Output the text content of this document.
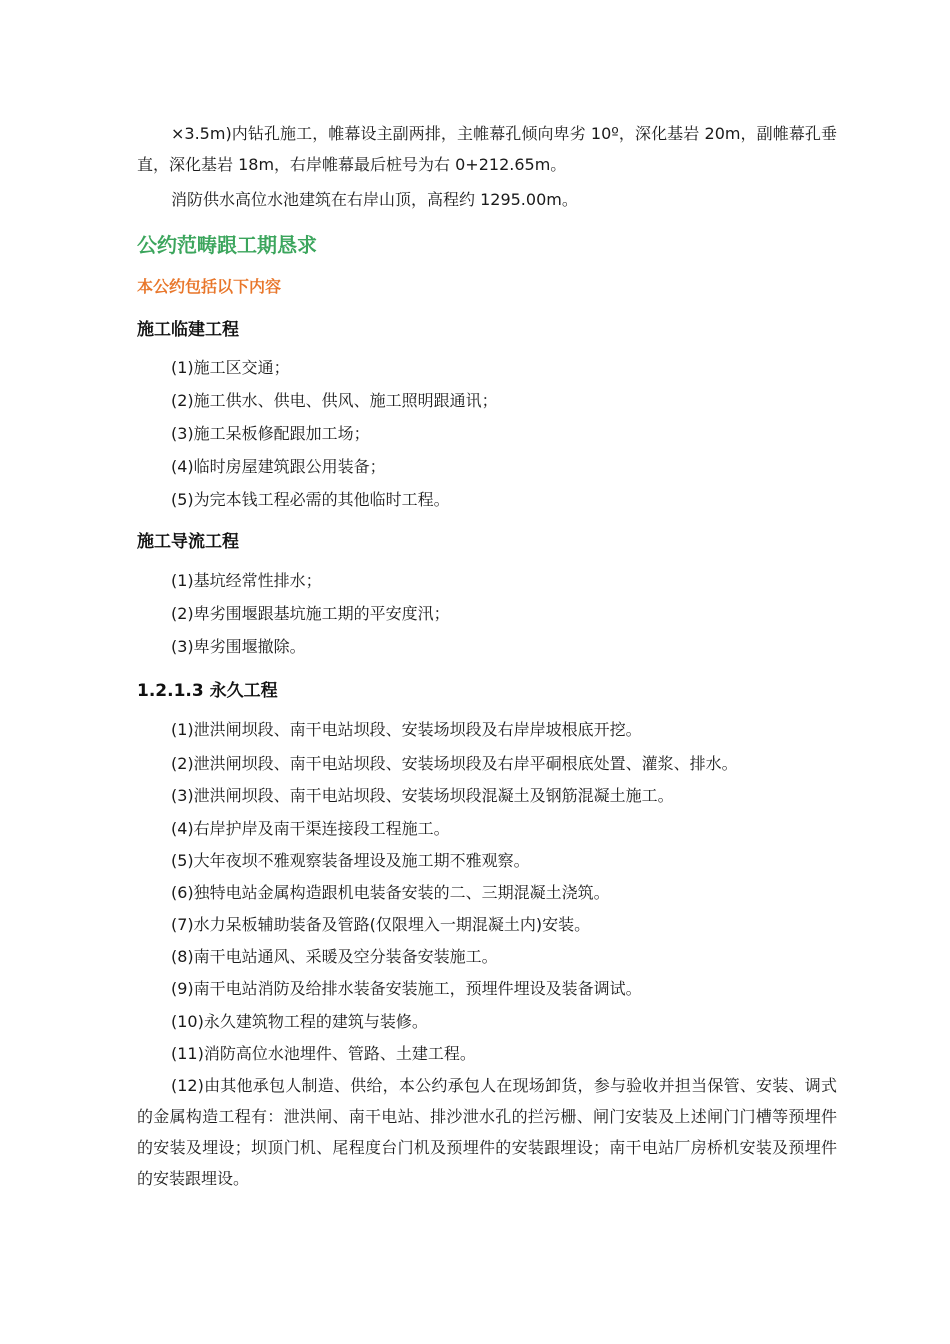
×3.5m)内钻孔施工，帷幕设主副两排，主帷幕孔倾向卑劣 10º，深化基岩 20m，副帷幕孔垂直，深化基岩 18m，右岸帷幕最后桩号为右 0+212.65m。

消防供水高位水池建筑在右岸山顶，高程约 1295.00m。

公约范畴跟工期恳求
本公约包括以下内容
施工临建工程
(1)施工区交通；
(2)施工供水、供电、供风、施工照明跟通讯；
(3)施工呆板修配跟加工场；
(4)临时房屋建筑跟公用装备；
(5)为完本钱工程必需的其他临时工程。
施工导流工程
(1)基坑经常性排水；
(2)卑劣围堰跟基坑施工期的平安度汛；
(3)卑劣围堰撤除。
1.2.1.3 永久工程
(1)泄洪闸坝段、南干电站坝段、安装场坝段及右岸岸坡根底开挖。
(2)泄洪闸坝段、南干电站坝段、安装场坝段及右岸平硐根底处置、灌浆、排水。
(3)泄洪闸坝段、南干电站坝段、安装场坝段混凝土及钢筋混凝土施工。
(4)右岸护岸及南干渠连接段工程施工。
(5)大年夜坝不雅观察装备埋设及施工期不雅观察。
(6)独特电站金属构造跟机电装备安装的二、三期混凝土浇筑。
(7)水力呆板辅助装备及管路(仅限埋入一期混凝土内)安装。
(8)南干电站通风、采暖及空分装备安装施工。
(9)南干电站消防及给排水装备安装施工，预埋件埋设及装备调试。
(10)永久建筑物工程的建筑与装修。
(11)消防高位水池埋件、管路、土建工程。

(12)由其他承包人制造、供给，本公约承包人在现场卸货，参与验收并担当保管、安装、调式的金属构造工程有：泄洪闸、南干电站、排沙泄水孔的拦污栅、闸门安装及上述闸门门槽等预埋件的安装及埋设；坝顶门机、尾程度台门机及预埋件的安装跟埋设；南干电站厂房桥机安装及预埋件的安装跟埋设。
